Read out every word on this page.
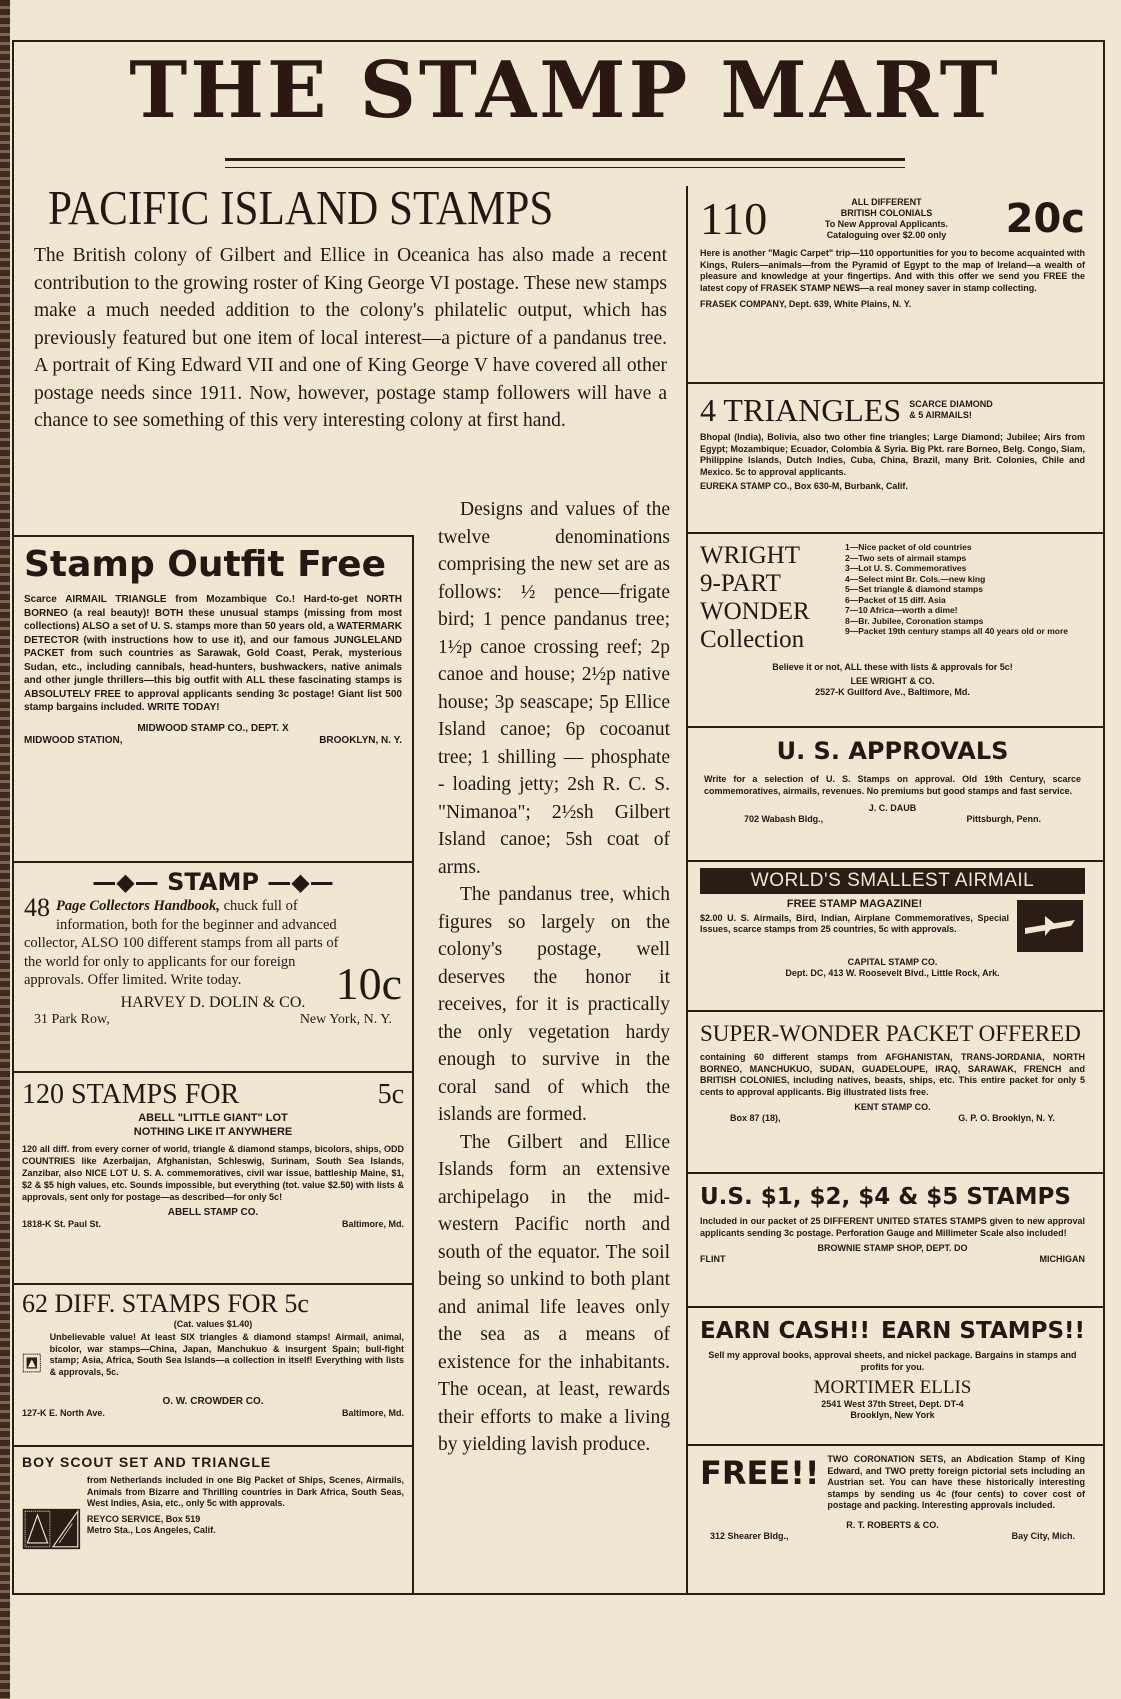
THE STAMP MART
PACIFIC ISLAND STAMPS

The British colony of Gilbert and Ellice in Oceanica has also made a recent contribution to the growing roster of King George VI postage. These new stamps make a much needed addition to the colony's philatelic output, which has previously featured but one item of local interest—a picture of a pandanus tree. A portrait of King Edward VII and one of King George V have covered all other postage needs since 1911. Now, however, postage stamp followers will have a chance to see something of this very interesting colony at first hand.

Designs and values of the twelve denominations comprising the new set are as follows: ½ pence—frigate bird; 1 pence pandanus tree; 1½p canoe crossing reef; 2p canoe and house; 2½p native house; 3p seascape; 5p Ellice Island canoe; 6p cocoanut tree; 1 shilling — phosphate - loading jetty; 2sh R. C. S. "Nimanoa"; 2½sh Gilbert Island canoe; 5sh coat of arms.

The pandanus tree, which figures so largely on the colony's postage, well deserves the honor it receives, for it is practically the only vegetation hardy enough to survive in the coral sand of which the islands are formed.

The Gilbert and Ellice Islands form an extensive archipelago in the mid-western Pacific north and south of the equator. The soil being so unkind to both plant and animal life leaves only the sea as a means of existence for the inhabitants. The ocean, at least, rewards their efforts to make a living by yielding lavish produce.

Stamp Outfit Free
Scarce AIRMAIL TRIANGLE from Mozambique Co.! Hard-to-get NORTH BORNEO (a real beauty)! BOTH these unusual stamps (missing from most collections) ALSO a set of U. S. stamps more than 50 years old, a WATERMARK DETECTOR (with instructions how to use it), and our famous JUNGLELAND PACKET from such countries as Sarawak, Gold Coast, Perak, mysterious Sudan, etc., including cannibals, head-hunters, bushwackers, native animals and other jungle thrillers—this big outfit with ALL these fascinating stamps is ABSOLUTELY FREE to approval applicants sending 3c postage! Giant list 500 stamp bargains included. WRITE TODAY!
MIDWOOD STAMP CO., DEPT. X
MIDWOOD STATION,	BROOKLYN, N. Y.
—◆— STAMP —◆—
48 Page Collectors Handbook, chuck full of information, both for the beginner and advanced collector, ALSO 100 different stamps from all parts of the world for only to applicants for our foreign approvals. Offer limited. Write today.	10c
HARVEY D. DOLIN & CO.
31 Park Row,	New York, N. Y.
120 STAMPS FOR	5c
ABELL "LITTLE GIANT" LOT
NOTHING LIKE IT ANYWHERE
120 all diff. from every corner of world, triangle & diamond stamps, bicolors, ships, ODD COUNTRIES like Azerbaijan, Afghanistan, Schleswig, Surinam, South Sea Islands, Zanzibar, also NICE LOT U. S. A. commemoratives, civil war issue, battleship Maine, $1, $2 & $5 high values, etc. Sounds impossible, but everything (tot. value $2.50) with lists & approvals, sent only for postage—as described—for only 5c!
ABELL STAMP CO.
1818-K St. Paul St.	Baltimore, Md.
62 DIFF. STAMPS FOR 5c
(Cat. values $1.40)
Unbelievable value! At least SIX triangles & diamond stamps! Airmail, animal, bicolor, war stamps—China, Japan, Manchukuo & insurgent Spain; bull-fight stamp; Asia, Africa, South Sea Islands—a collection in itself! Everything with lists & approvals, 5c.
O. W. CROWDER CO.
127-K E. North Ave.	Baltimore, Md.
BOY SCOUT SET AND TRIANGLE
from Netherlands included in one Big Packet of Ships, Scenes, Airmails, Animals from Bizarre and Thrilling countries in Dark Africa, South Seas, West Indies, Asia, etc., only 5c with approvals.
REYCO SERVICE, Box 519
Metro Sta., Los Angeles, Calif.
110	ALL DIFFERENT
BRITISH COLONIALS
To New Approval Applicants.
Cataloguing over $2.00 only 20c
Here is another "Magic Carpet" trip—110 opportunities for you to become acquainted with Kings, Rulers—animals—from the Pyramid of Egypt to the map of Ireland—a wealth of pleasure and knowledge at your fingertips. And with this offer we send you FREE the latest copy of FRASEK STAMP NEWS—a real money saver in stamp collecting.
FRASEK COMPANY, Dept. 639, White Plains, N. Y.
4 TRIANGLES SCARCE DIAMOND
& 5 AIRMAILS!
Bhopal (India), Bolivia, also two other fine triangles; Large Diamond; Jubilee; Airs from Egypt; Mozambique; Ecuador, Colombia & Syria. Big Pkt. rare Borneo, Belg. Congo, Siam, Philippine Islands, Dutch Indies, Cuba, China, Brazil, many Brit. Colonies, Chile and Mexico. 5c to approval applicants.
EUREKA STAMP CO., Box 630-M, Burbank, Calif.
WRIGHT
9-PART
WONDER
Collection
1—Nice packet of old countries
2—Two sets of airmail stamps
3—Lot U. S. Commemoratives
4—Select mint Br. Cols.—new king
5—Set triangle & diamond stamps
6—Packet of 15 diff. Asia
7—10 Africa—worth a dime!
8—Br. Jubilee, Coronation stamps
9—Packet 19th century stamps all 40 years old or more
Believe it or not, ALL these with lists & approvals for 5c!
LEE WRIGHT & CO.
2527-K Guilford Ave., Baltimore, Md.
U. S. APPROVALS
Write for a selection of U. S. Stamps on approval. Old 19th Century, scarce commemoratives, airmails, revenues. No premiums but good stamps and fast service.
J. C. DAUB
702 Wabash Bldg.,	Pittsburgh, Penn.
WORLD'S SMALLEST AIRMAIL
FREE STAMP MAGAZINE!
$2.00 U. S. Airmails, Bird, Indian, Airplane Commemoratives, Special Issues, scarce stamps from 25 countries, 5c with approvals.
CAPITAL STAMP CO.
Dept. DC, 413 W. Roosevelt Blvd., Little Rock, Ark.
SUPER-WONDER PACKET OFFERED
containing 60 different stamps from AFGHANISTAN, TRANS-JORDANIA, NORTH BORNEO, MANCHUKUO, SUDAN, GUADELOUPE, IRAQ, SARAWAK, FRENCH and BRITISH COLONIES, including natives, beasts, ships, etc. This entire packet for only 5 cents to approval applicants. Big illustrated lists free.
KENT STAMP CO.
Box 87 (18),	G. P. O. Brooklyn, N. Y.
U.S. $1, $2, $4 & $5 STAMPS
Included in our packet of 25 DIFFERENT UNITED STATES STAMPS given to new approval applicants sending 3c postage. Perforation Gauge and Millimeter Scale also included!
BROWNIE STAMP SHOP, DEPT. DO
FLINT	MICHIGAN
EARN CASH!! EARN STAMPS!!
Sell my approval books, approval sheets, and nickel package. Bargains in stamps and profits for you.
MORTIMER ELLIS
2541 West 37th Street, Dept. DT-4
Brooklyn, New York
FREE!! TWO CORONATION SETS, an Abdication Stamp of King Edward, and TWO pretty foreign pictorial sets including an Austrian set. You can have these historically interesting stamps by sending us 4c (four cents) to cover cost of postage and packing. Interesting approvals included.
R. T. ROBERTS & CO.
312 Shearer Bldg.,	Bay City, Mich.
